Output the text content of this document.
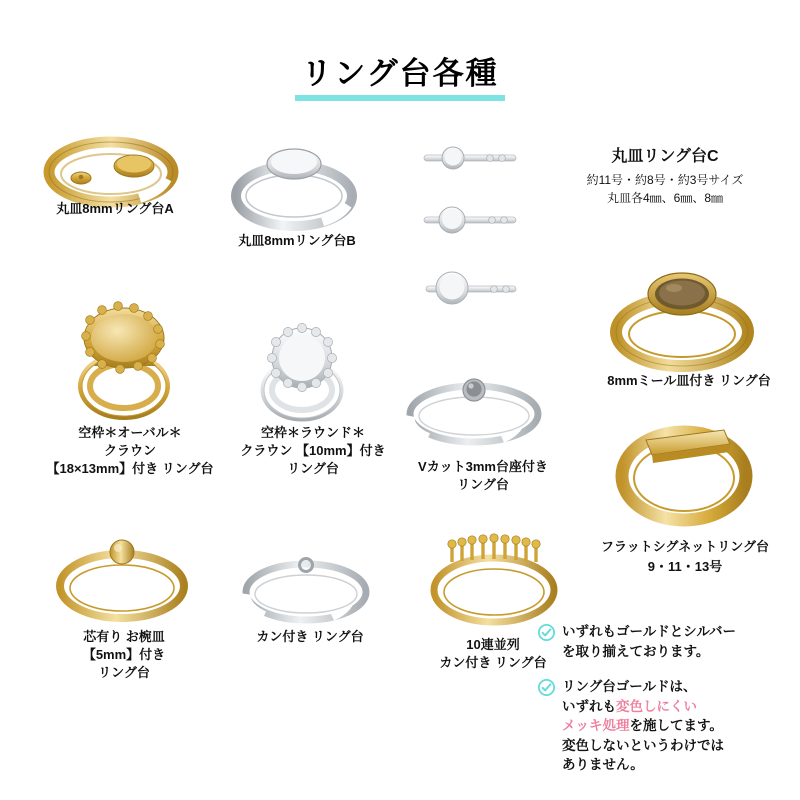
リング台各種
丸皿8mmリング台A
丸皿8mmリング台B
丸皿リング台C
約11号・約8号・約3号サイズ
丸皿各4㎜、6㎜、8㎜
空枠＊オーバル＊
クラウン
【18×13mm】付き リング台
空枠＊ラウンド＊
クラウン 【10mm】付き
リング台	Vカット3mm台座付き
リング台
8mmミール皿付き リング台
フラットシグネットリング台
9・11・13号
芯有り お椀皿
【5mm】付き
リング台
カン付き リング台
10連並列
カン付き リング台
いずれもゴールドとシルバー
を取り揃えております。
リング台ゴールドは、
いずれも変色しにくい
メッキ処理を施してます。
変色しないというわけでは
ありません。
